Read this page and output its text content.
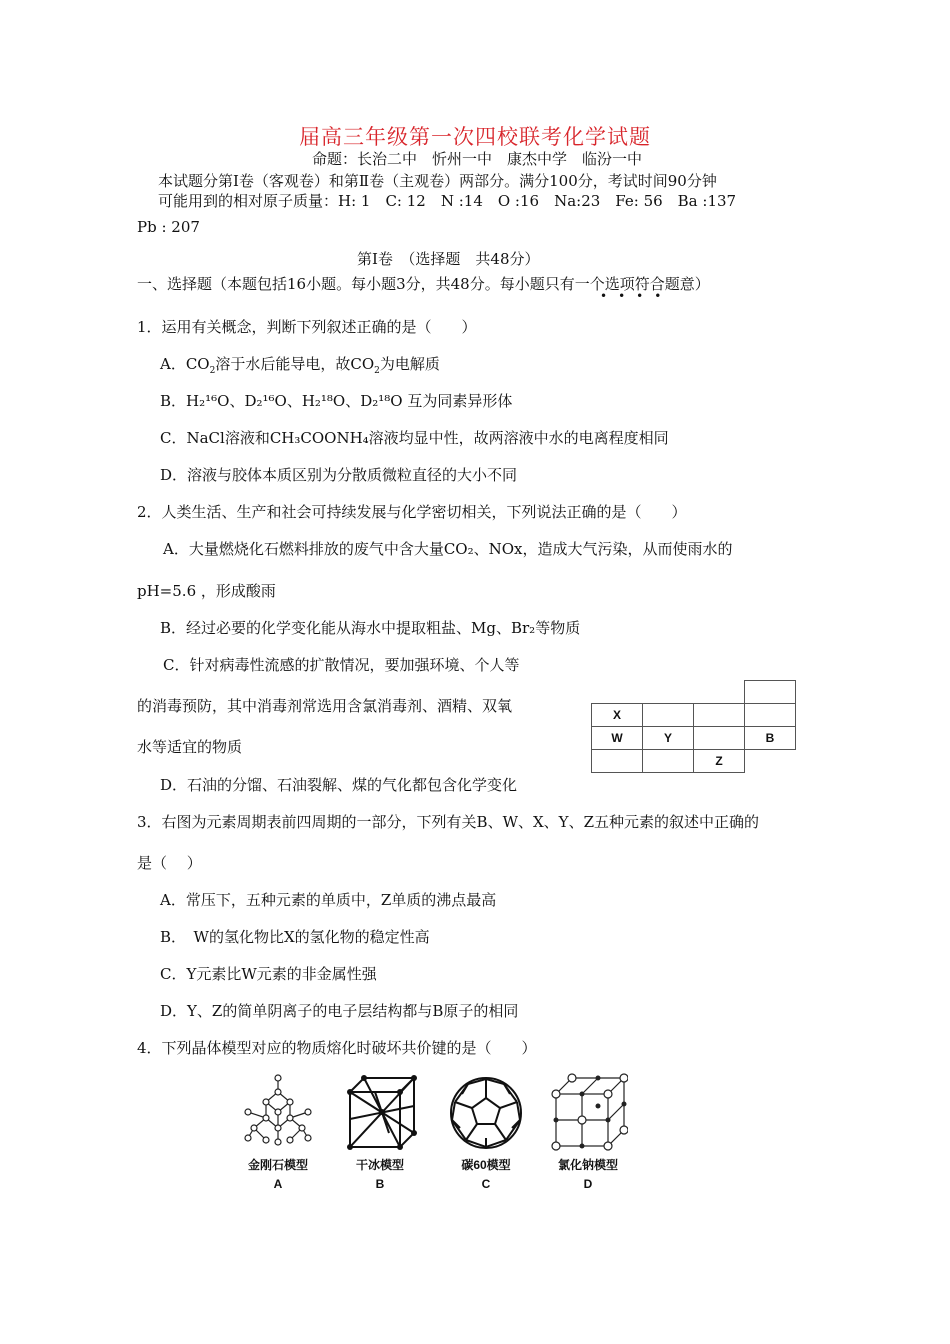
届高三年级第一次四校联考化学试题
命题：长治二中　忻州一中　康杰中学　临汾一中
本试题分第Ⅰ卷（客观卷）和第Ⅱ卷（主观卷）两部分。满分100分，考试时间90分钟
可能用到的相对原子质量：H: 1　C: 12　N :14　O :16　Na:23　Fe: 56　Ba :137
Pb : 207
第Ⅰ卷　（选择题　共48分）
一、选择题（本题包括16小题。每小题3分，共48分。每小题只有一个选项符合题意）
••••
1．运用有关概念，判断下列叙述正确的是（　　）
A．$CO_2$溶于水后能导电，故$CO_2$为电解质
B．H₂¹⁶O、D₂¹⁶O、H₂¹⁸O、D₂¹⁸O 互为同素异形体
C．NaCl溶液和CH₃COONH₄溶液均显中性，故两溶液中水的电离程度相同
D．溶液与胶体本质区别为分散质微粒直径的大小不同
2．人类生活、生产和社会可持续发展与化学密切相关，下列说法正确的是（　　）
A．大量燃烧化石燃料排放的废气中含大量CO₂、NOx，造成大气污染，从而使雨水的
pH=5.6 ，形成酸雨
B．经过必要的化学变化能从海水中提取粗盐、Mg、Br₂等物质
C．针对病毒性流感的扩散情况，要加强环境、个人等
的消毒预防，其中消毒剂常选用含氯消毒剂、酒精、双氧
水等适宜的物质
D．石油的分馏、石油裂解、煤的气化都包含化学变化

X			
W	Y		B
		Z	
3．右图为元素周期表前四周期的一部分，下列有关B、W、X、Y、Z五种元素的叙述中正确的
是（　 ）
A．常压下，五种元素的单质中，Z单质的沸点最高
B．　W的氢化物比X的氢化物的稳定性高
C．Y元素比W元素的非金属性强
D．Y、Z的简单阴离子的电子层结构都与B原子的相同
4．下列晶体模型对应的物质熔化时破坏共价键的是（　　）
金刚石模型
A
干冰模型
B
碳60模型
C
氯化钠模型
D
